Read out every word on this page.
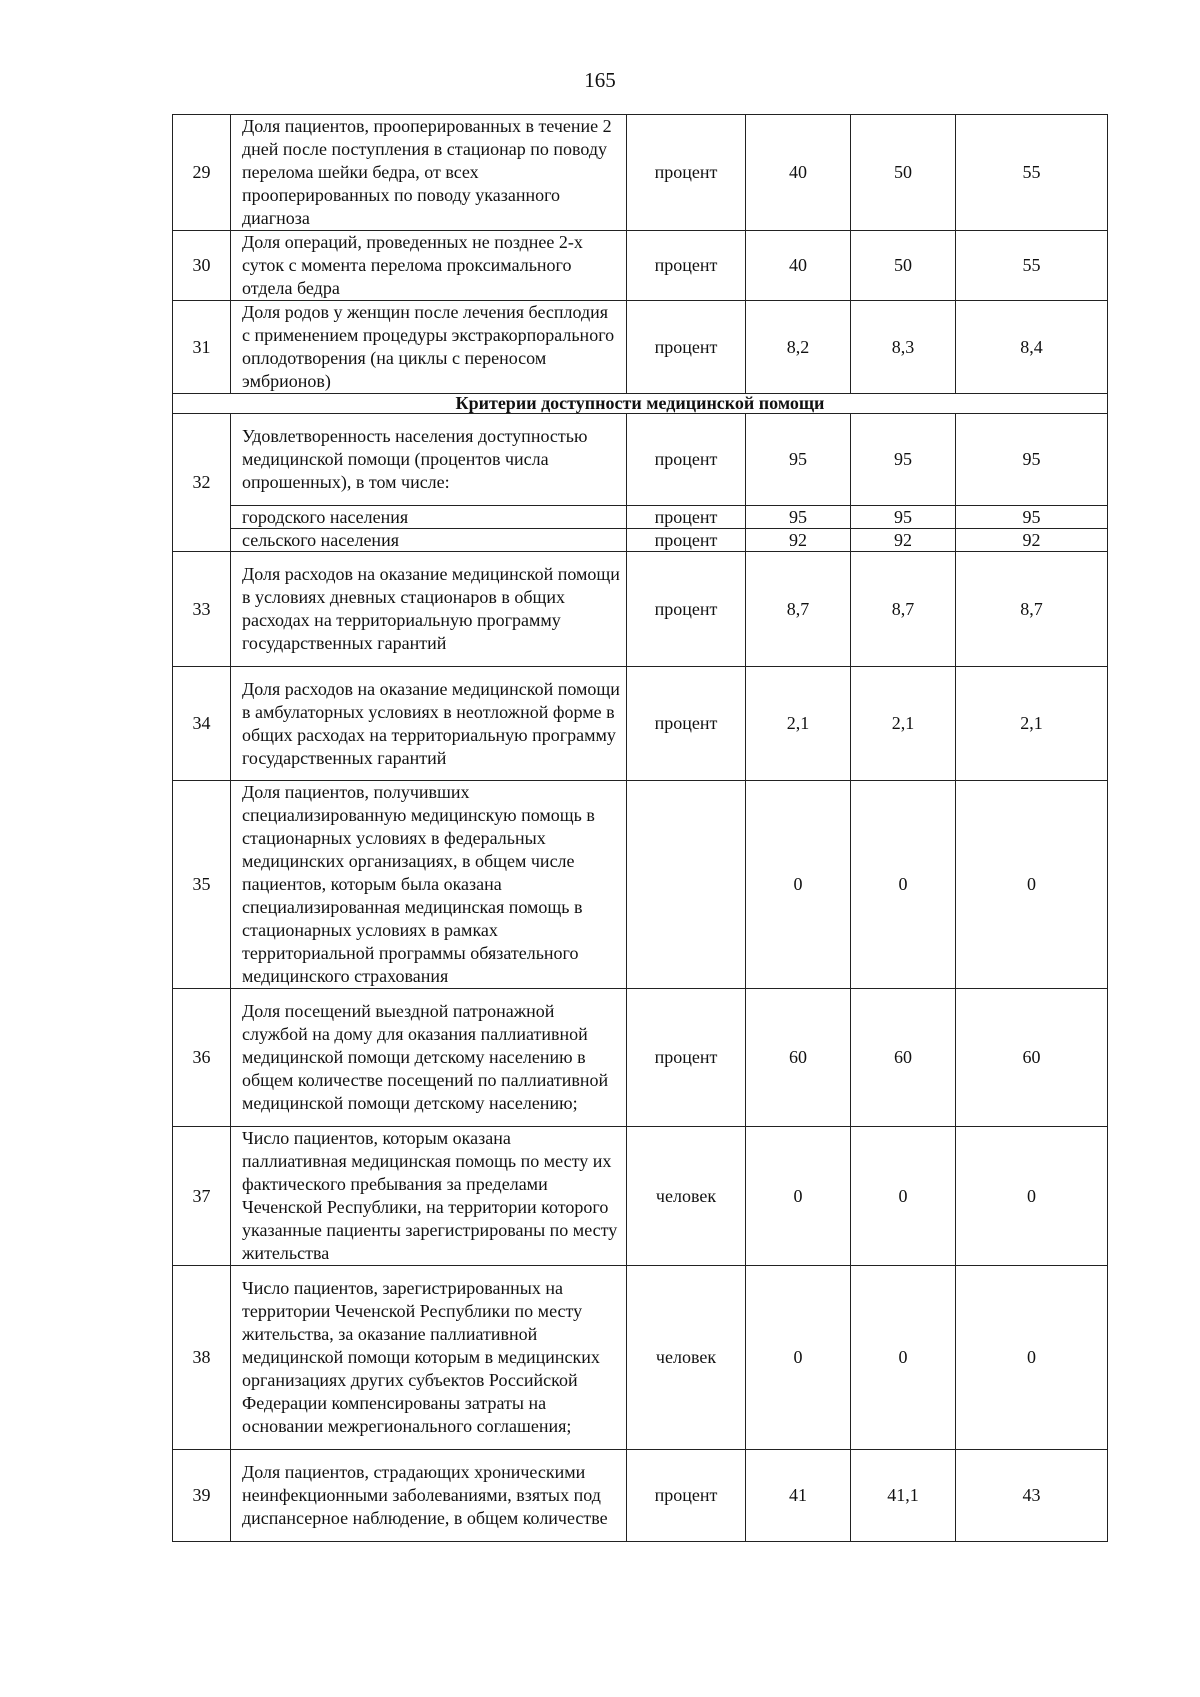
165
29	Доля пациентов, прооперированных в течение 2 дней после поступления в стационар по поводу перелома шейки бедра, от всех прооперированных по поводу указанного диагноза	процент	40	50	55
30	Доля операций, проведенных не позднее 2-х суток с момента перелома проксимального отдела бедра	процент	40	50	55
31	Доля родов у женщин после лечения бесплодия с применением процедуры экстракорпорального оплодотворения (на циклы с переносом эмбрионов)	процент	8,2	8,3	8,4
Критерии доступности медицинской помощи					
32	Удовлетворенность населения доступностью медицинской помощи (процентов числа опрошенных), в том числе:	процент	95	95	95
	городского населения	процент	95	95	95
	сельского населения	процент	92	92	92
33	Доля расходов на оказание медицинской помощи в условиях дневных стационаров в общих расходах на территориальную программу государственных гарантий	процент	8,7	8,7	8,7
34	Доля расходов на оказание медицинской помощи в амбулаторных условиях в неотложной форме в общих расходах на территориальную программу государственных гарантий	процент	2,1	2,1	2,1
35	Доля пациентов, получивших специализированную медицинскую помощь в стационарных условиях в федеральных медицинских организациях, в общем числе пациентов, которым была оказана специализированная медицинская помощь в стационарных условиях в рамках территориальной программы обязательного медицинского страхования		0	0	0
36	Доля посещений выездной патронажной службой на дому для оказания паллиативной медицинской помощи детскому населению в общем количестве посещений по паллиативной медицинской помощи детскому населению;	процент	60	60	60
37	Число пациентов, которым оказана паллиативная медицинская помощь по месту их фактического пребывания за пределами Чеченской Республики, на территории которого указанные пациенты зарегистрированы по месту жительства	человек	0	0	0
38	Число пациентов, зарегистрированных на территории Чеченской Республики по месту жительства, за оказание паллиативной медицинской помощи которым в медицинских организациях других субъектов Российской Федерации компенсированы затраты на основании межрегионального соглашения;	человек	0	0	0
39	Доля пациентов, страдающих хроническими неинфекционными заболеваниями, взятых под диспансерное наблюдение, в общем количестве	процент	41	41,1	43
